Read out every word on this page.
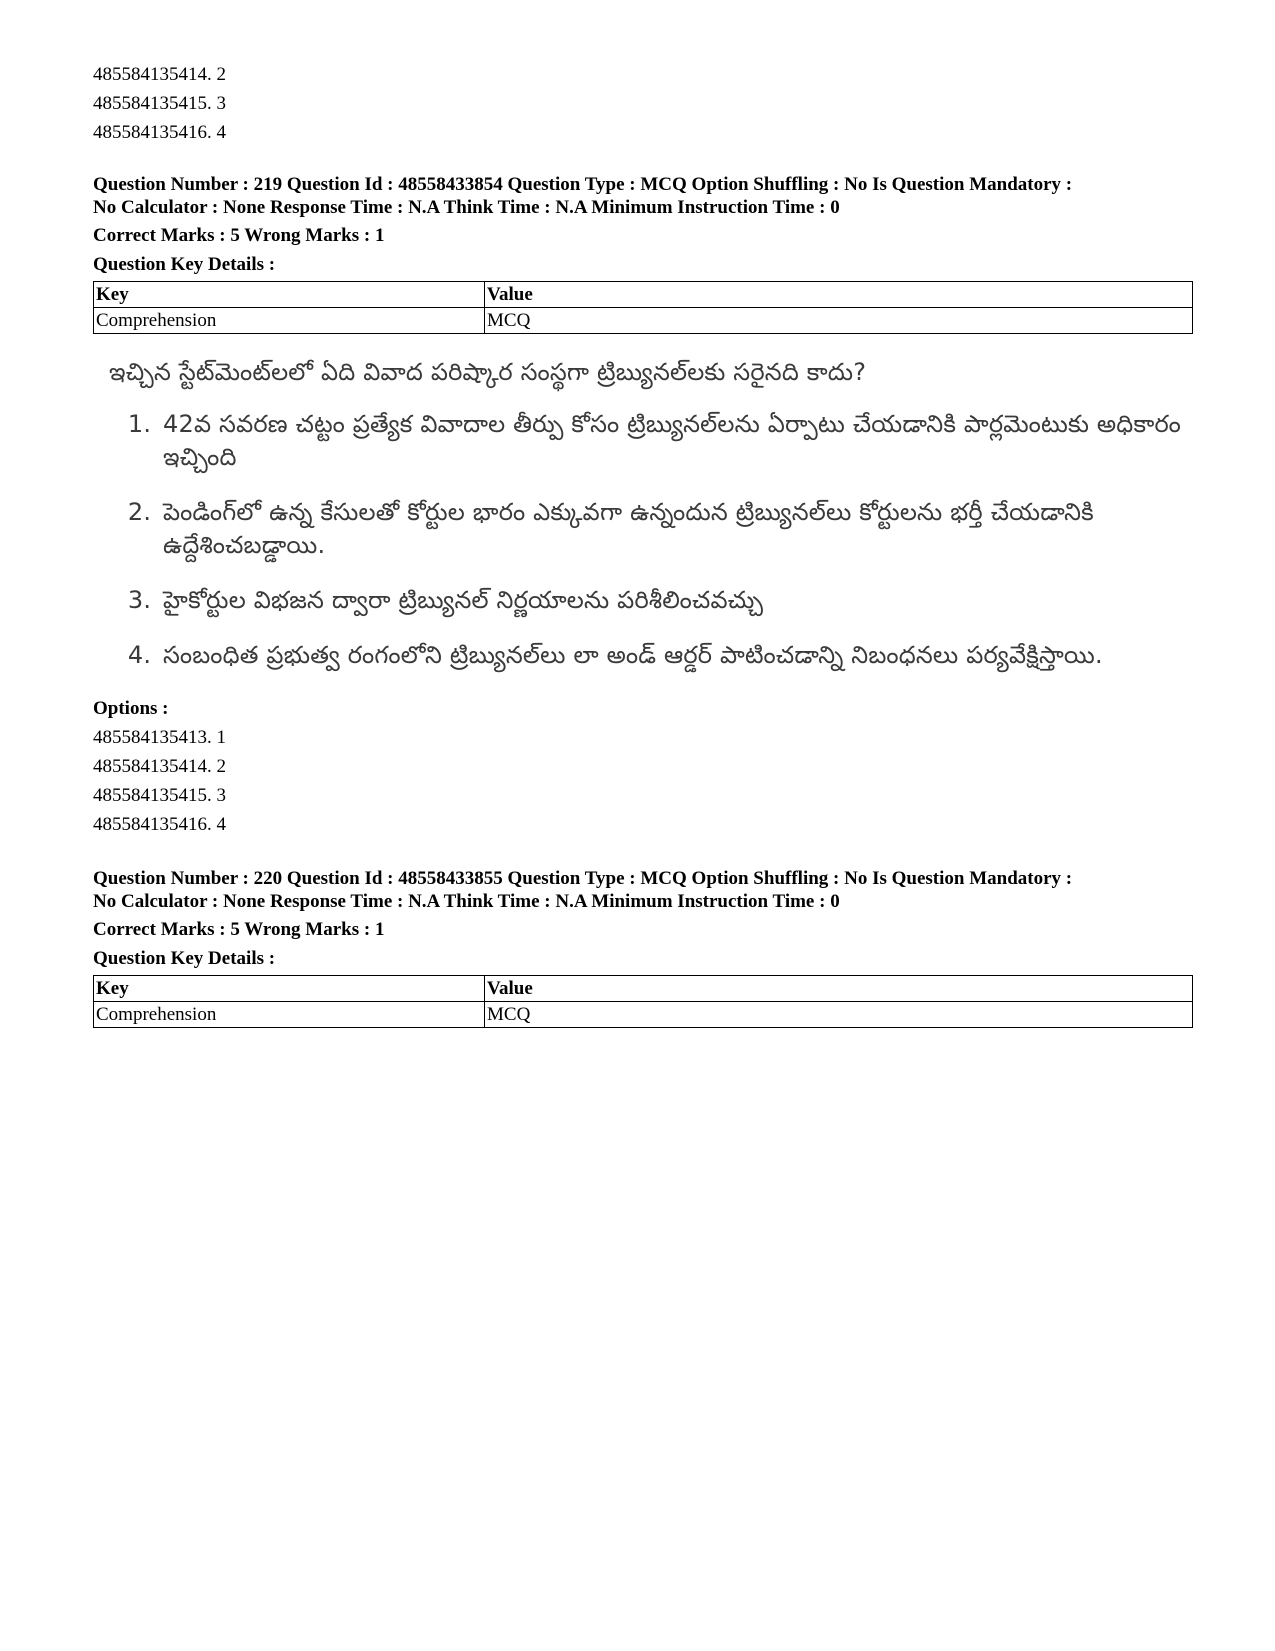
485584135414. 2
485584135415. 3
485584135416. 4
Question Number : 219 Question Id : 48558433854 Question Type : MCQ Option Shuffling : No Is Question Mandatory :
No Calculator : None Response Time : N.A Think Time : N.A Minimum Instruction Time : 0
Correct Marks : 5 Wrong Marks : 1
Question Key Details :
Key	Value
Comprehension	MCQ
ఇచ్చిన స్టేట్‌మెంట్‌లలో ఏది వివాద పరిష్కార సంస్థగా ట్రిబ్యునల్‌లకు సరైనది కాదు?
1. 42వ సవరణ చట్టం ప్రత్యేక వివాదాల తీర్పు కోసం ట్రిబ్యునల్‌లను ఏర్పాటు చేయడానికి పార్లమెంటుకు అధికారం ఇచ్చింది
2. పెండింగ్‌లో ఉన్న కేసులతో కోర్టుల భారం ఎక్కువగా ఉన్నందున ట్రిబ్యునల్‌లు కోర్టులను భర్తీ చేయడానికి ఉద్దేశించబడ్డాయి.
3. హైకోర్టుల విభజన ద్వారా ట్రిబ్యునల్ నిర్ణయాలను పరిశీలించవచ్చు
4. సంబంధిత ప్రభుత్వ రంగంలోని ట్రిబ్యునల్‌లు లా అండ్ ఆర్డర్ పాటించడాన్ని నిబంధనలు పర్యవేక్షిస్తాయి.
Options :
485584135413. 1
485584135414. 2
485584135415. 3
485584135416. 4
Question Number : 220 Question Id : 48558433855 Question Type : MCQ Option Shuffling : No Is Question Mandatory :
No Calculator : None Response Time : N.A Think Time : N.A Minimum Instruction Time : 0
Correct Marks : 5 Wrong Marks : 1
Question Key Details :
Key	Value
Comprehension	MCQ
